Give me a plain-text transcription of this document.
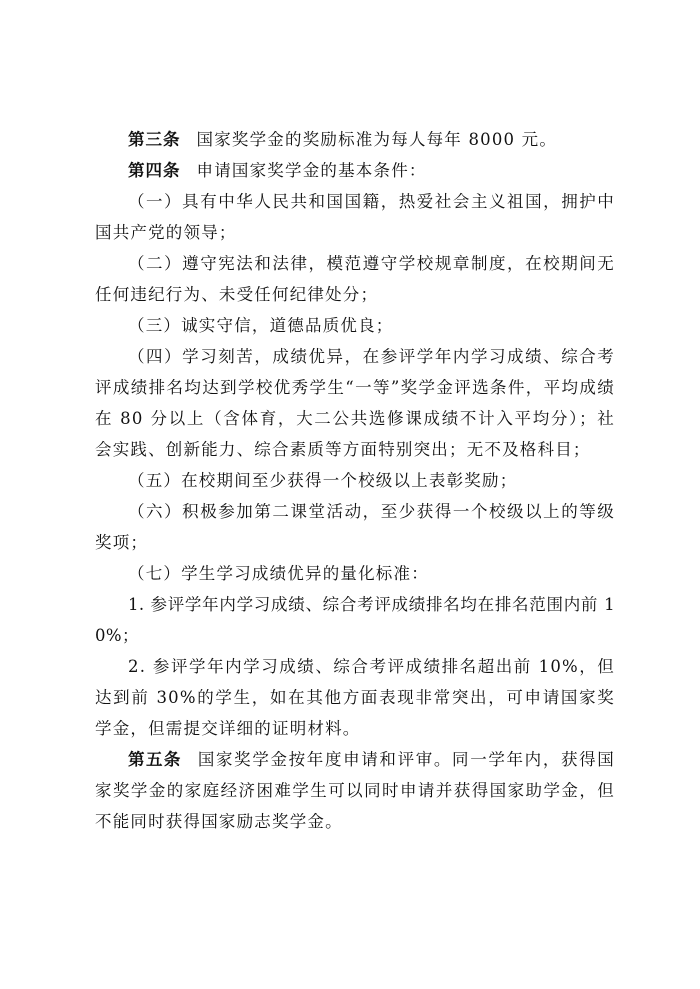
第三条 国家奖学金的奖励标准为每人每年 8000 元。

第四条 申请国家奖学金的基本条件：

（一）具有中华人民共和国国籍，热爱社会主义祖国，拥护中国共产党的领导；

（二）遵守宪法和法律，模范遵守学校规章制度，在校期间无任何违纪行为、未受任何纪律处分；

（三）诚实守信，道德品质优良；

（四）学习刻苦，成绩优异，在参评学年内学习成绩、综合考评成绩排名均达到学校优秀学生“一等”奖学金评选条件，平均成绩在 80 分以上（含体育，大二公共选修课成绩不计入平均分）；社会实践、创新能力、综合素质等方面特别突出；无不及格科目；

（五）在校期间至少获得一个校级以上表彰奖励；

（六）积极参加第二课堂活动，至少获得一个校级以上的等级奖项；

（七）学生学习成绩优异的量化标准：

1. 参评学年内学习成绩、综合考评成绩排名均在排名范围内前 10%；

2. 参评学年内学习成绩、综合考评成绩排名超出前 10%，但达到前 30%的学生，如在其他方面表现非常突出，可申请国家奖学金，但需提交详细的证明材料。

第五条 国家奖学金按年度申请和评审。同一学年内，获得国家奖学金的家庭经济困难学生可以同时申请并获得国家助学金，但不能同时获得国家励志奖学金。
